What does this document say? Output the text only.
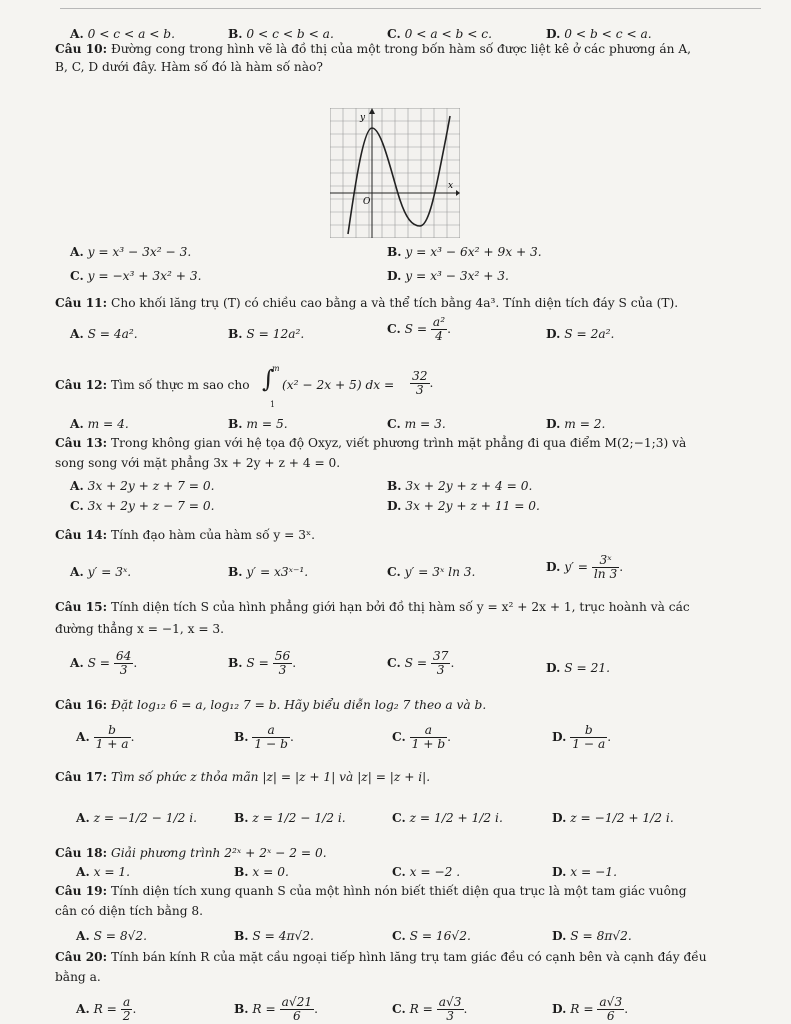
A. 0 < c < a < b.	B. 0 < c < b < a.	C. 0 < a < b < c.	D. 0 < b < c < a.
Câu 10: Đường cong trong hình vẽ là đồ thị của một trong bốn hàm số được liệt kê ở các phương án A,
B, C, D dưới đây. Hàm số đó là hàm số nào?
y
x
O
A. y = x³ − 3x² − 3.	B. y = x³ − 6x² + 9x + 3.
C. y = −x³ + 3x² + 3.	D. y = x³ − 3x² + 3.
Câu 11: Cho khối lăng trụ (T) có chiều cao bằng a và thể tích bằng 4a³. Tính diện tích đáy S của (T).
A. S = 4a².	B. S = 12a².	C. $S = \frac{\text{a²}}{4}$ .	D. S = 2a².
Câu 12: Tìm số thực m sao cho ∫
m
1
(x² − 2x + 5) dx = $\frac{32}{3}$ .
A. m = 4.	B. m = 5.	C. m = 3.	D. m = 2.
Câu 13: Trong không gian với hệ tọa độ Oxyz, viết phương trình mặt phẳng đi qua điểm M(2;−1;3) và
song song với mặt phẳng 3x + 2y + z + 4 = 0.
A. 3x + 2y + z + 7 = 0.	B. 3x + 2y + z + 4 = 0.
C. 3x + 2y + z − 7 = 0.	D. 3x + 2y + z + 11 = 0.
Câu 14: Tính đạo hàm của hàm số y = 3ˣ.
A. y′ = 3ˣ.	B. y′ = x3ˣ⁻¹.	C. y′ = 3ˣ ln 3.	D. $y' = \frac{\text{3ˣ}}{\ln 3}$ .
Câu 15: Tính diện tích S của hình phẳng giới hạn bởi đồ thị hàm số y = x² + 2x + 1, trục hoành và các
đường thẳng x = −1, x = 3.
A. $S = \frac{64}{3}$ .	B. $S = \frac{56}{3}$ .	C. $S = \frac{37}{3}$ .	D. S = 21.
Câu 16: Đặt log₁₂ 6 = a, log₁₂ 7 = b. Hãy biểu diễn log₂ 7 theo a và b.
A. $\frac{b}{1 + a}$ .	B. $\frac{a}{1 - b}$ .	C. $\frac{a}{1 + b}$ .	D. $\frac{b}{1 - a}$ .
Câu 17: Tìm số phức z thỏa mãn |z| = |z + 1| và |z| = |z + i|.
A. z = −1/2 − 1/2 i.	B. z = 1/2 − 1/2 i.	C. z = 1/2 + 1/2 i.	D. z = −1/2 + 1/2 i.
Câu 18: Giải phương trình 2²ˣ + 2ˣ − 2 = 0.
A. x = 1.	B. x = 0.	C. x = −2 .	D. x = −1.
Câu 19: Tính diện tích xung quanh S của một hình nón biết thiết diện qua trục là một tam giác vuông
cân có diện tích bằng 8.
A. S = 8√2.	B. S = 4π√2.	C. S = 16√2.	D. S = 8π√2.
Câu 20: Tính bán kính R của mặt cầu ngoại tiếp hình lăng trụ tam giác đều có cạnh bên và cạnh đáy đều
bằng a.
A. $R = \frac{a}{2}$ .	B. $R = \frac{a√21}{6}$ .	C. $R = \frac{a√3}{3}$ .	D. $R = \frac{a√3}{6}$ .
